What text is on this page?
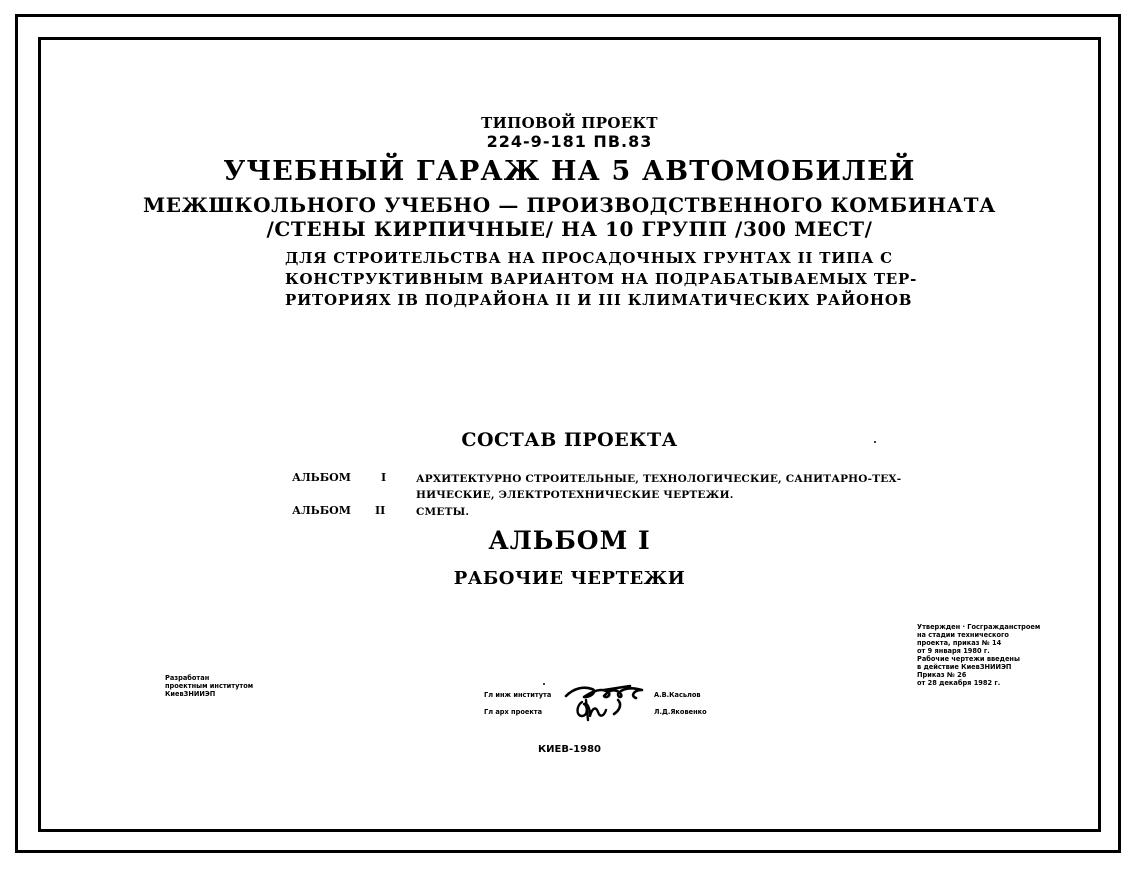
ТИПОВОЙ ПРОЕКТ
224-9-181 ПВ.83
УЧЕБНЫЙ ГАРАЖ НА 5 АВТОМОБИЛЕЙ
МЕЖШКОЛЬНОГО УЧЕБНО — ПРОИЗВОДСТВЕННОГО КОМБИНАТА
/СТЕНЫ КИРПИЧНЫЕ/ НА 10 ГРУПП /300 МЕСТ/
ДЛЯ СТРОИТЕЛЬСТВА НА ПРОСАДОЧНЫХ ГРУНТАХ II ТИПА С
КОНСТРУКТИВНЫМ ВАРИАНТОМ НА ПОДРАБАТЫВАЕМЫХ ТЕР-
РИТОРИЯХ IВ ПОДРАЙОНА II И III КЛИМАТИЧЕСКИХ РАЙОНОВ
СОСТАВ ПРОЕКТА
АЛЬБОМ	I	АРХИТЕКТУРНО СТРОИТЕЛЬНЫЕ, ТЕХНОЛОГИЧЕСКИЕ, САНИТАРНО-ТЕХ-
НИЧЕСКИЕ, ЭЛЕКТРОТЕХНИЧЕСКИЕ ЧЕРТЕЖИ.
АЛЬБОМ II	СМЕТЫ.
АЛЬБОМ I
РАБОЧИЕ ЧЕРТЕЖИ
Разработан
проектным институтом
КиевЗНИИЭП	Гл инж института	А.В.Касьлов
Гл арх проекта	Л.Д.Яковенко
Утвержден · Госгражданстроем
на стадии технического
проекта, приказ № 14
от 9 января 1980 г.
Рабочие чертежи введены
в действие КиевЗНИИЭП
Приказ № 26
от 28 декабря 1982 г.
КИЕВ-1980
